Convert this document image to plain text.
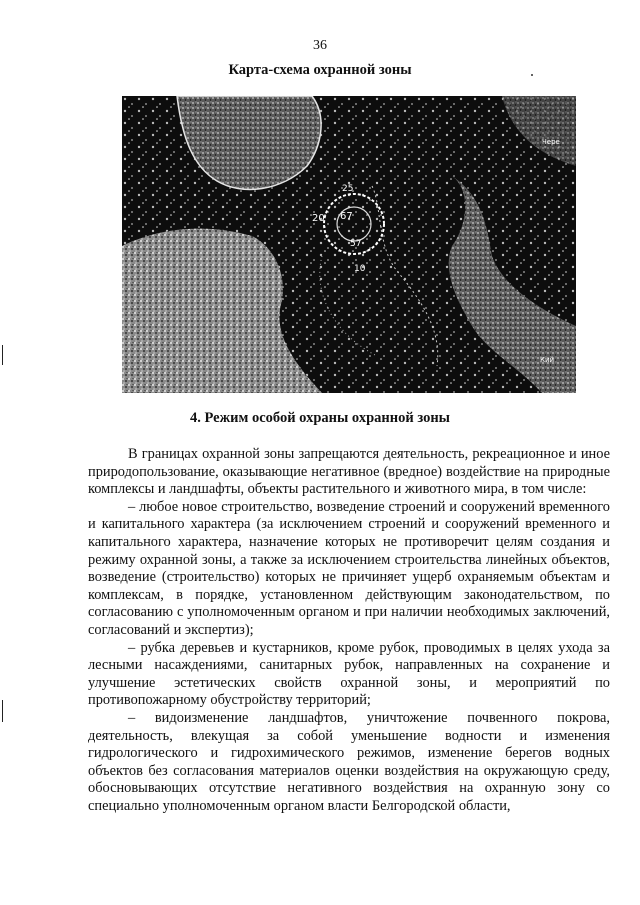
36
Карта-схема охранной зоны
20 67
57
10
25
Чере
Кий
4. Режим особой охраны охранной зоны

В границах охранной зоны запрещаются деятельность, рекреационное и иное природопользование, оказывающие негативное (вредное) воздействие на природные комплексы и ландшафты, объекты растительного и животного мира, в том числе:

– любое новое строительство, возведение строений и сооружений временного и капитального характера (за исключением строений и сооружений временного и капитального характера, назначение которых не противоречит целям создания и режиму охранной зоны, а также за исключением строительства линейных объектов, возведение (строительство) которых не причиняет ущерб охраняемым объектам и комплексам, в порядке, установленном действующим законодательством, по согласованию с уполномоченным органом и при наличии необходимых заключений, согласований и экспертиз);

– рубка деревьев и кустарников, кроме рубок, проводимых в целях ухода за лесными насаждениями, санитарных рубок, направленных на сохранение и улучшение эстетических свойств охранной зоны, и мероприятий по противопожарному обустройству территорий;

– видоизменение ландшафтов, уничтожение почвенного покрова, деятельность, влекущая за собой уменьшение водности и изменения гидрологического и гидрохимического режимов, изменение берегов водных объектов без согласования материалов оценки воздействия на окружающую среду, обосновывающих отсутствие негативного воздействия на охранную зону со специально уполномоченным органом власти Белгородской области,
